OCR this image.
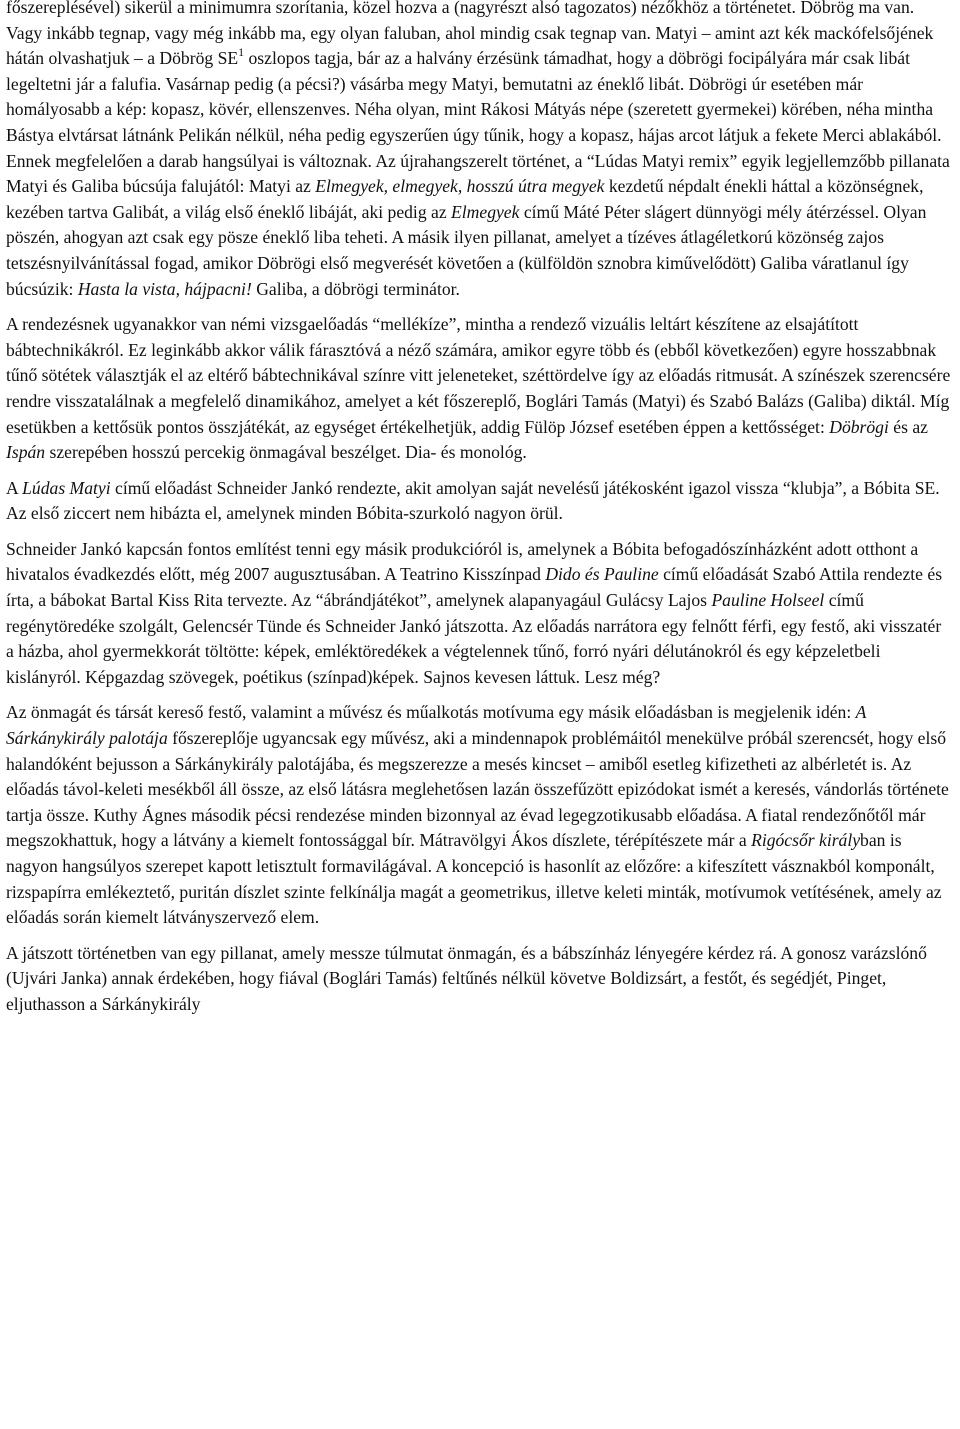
főszereplésével) sikerül a minimumra szorítania, közel hozva a (nagyrészt alsó tagozatos) nézőkhöz a történetet. Döbrög ma van. Vagy inkább tegnap, vagy még inkább ma, egy olyan faluban, ahol mindig csak tegnap van. Matyi – amint azt kék mackófelsőjének hátán olvashatjuk – a Döbrög $SE^1$ oszlopos tagja, bár az a halvány érzésünk támadhat, hogy a döbrögi focipályára már csak libát legeltetni jár a falufia. Vasárnap pedig (a pécsi?) vásárba megy Matyi, bemutatni az éneklő libát. Döbrögi úr esetében már homályosabb a kép: kopasz, kövér, ellenszenves. Néha olyan, mint Rákosi Mátyás népe (szeretett gyermekei) körében, néha mintha Bástya elvtársat látnánk Pelikán nélkül, néha pedig egyszerűen úgy tűnik, hogy a kopasz, hájas arcot látjuk a fekete Merci ablakából. Ennek megfelelően a darab hangsúlyai is változnak. Az újrahangszerelt történet, a “Lúdas Matyi remix” egyik legjellemzőbb pillanata Matyi és Galiba búcsúja falujától: Matyi az Elmegyek, elmegyek, hosszú útra megyek kezdetű népdalt énekli háttal a közönségnek, kezében tartva Galibát, a világ első éneklő libáját, aki pedig az Elmegyek című Máté Péter slágert dünnyögi mély átérzéssel. Olyan pöszén, ahogyan azt csak egy pösze éneklő liba teheti. A másik ilyen pillanat, amelyet a tízéves átlagéletkorú közönség zajos tetszésnyilvánítással fogad, amikor Döbrögi első megverését követően a (külföldön sznobra kiművelődött) Galiba váratlanul így búcsúzik: Hasta la vista, hájpacni! Galiba, a döbrögi terminátor.

A rendezésnek ugyanakkor van némi vizsgaelőadás “mellékíze”, mintha a rendező vizuális leltárt készítene az elsajátított bábtechnikákról. Ez leginkább akkor válik fárasztóvá a néző számára, amikor egyre több és (ebből következően) egyre hosszabbnak tűnő sötétek választják el az eltérő bábtechnikával színre vitt jeleneteket, széttördelve így az előadás ritmusát. A színészek szerencsére rendre visszatalálnak a megfelelő dinamikához, amelyet a két főszereplő, Boglári Tamás (Matyi) és Szabó Balázs (Galiba) diktál. Míg esetükben a kettősük pontos összjátékát, az egységet értékelhetjük, addig Fülöp József esetében éppen a kettősséget: Döbrögi és az Ispán szerepében hosszú percekig önmagával beszélget. Dia- és monológ.

A Lúdas Matyi című előadást Schneider Jankó rendezte, akit amolyan saját nevelésű játékosként igazol vissza “klubja”, a Bóbita SE. Az első ziccert nem hibázta el, amelynek minden Bóbita-szurkoló nagyon örül.

Schneider Jankó kapcsán fontos említést tenni egy másik produkcióról is, amelynek a Bóbita befogadószínházként adott otthont a hivatalos évadkezdés előtt, még 2007 augusztusában. A Teatrino Kisszínpad Dido és Pauline című előadását Szabó Attila rendezte és írta, a bábokat Bartal Kiss Rita tervezte. Az “ábrándjátékot”, amelynek alapanyagául Gulácsy Lajos Pauline Holseel című regénytöredéke szolgált, Gelencsér Tünde és Schneider Jankó játszotta. Az előadás narrátora egy felnőtt férfi, egy festő, aki visszatér a házba, ahol gyermekkorát töltötte: képek, emléktöredékek a végtelennek tűnő, forró nyári délutánokról és egy képzeletbeli kislányról. Képgazdag szövegek, poétikus (színpad)képek. Sajnos kevesen láttuk. Lesz még?

Az önmagát és társát kereső festő, valamint a művész és műalkotás motívuma egy másik előadásban is megjelenik idén: A Sárkánykirály palotája főszereplője ugyancsak egy művész, aki a mindennapok problémáitól menekülve próbál szerencsét, hogy első halandóként bejusson a Sárkánykirály palotájába, és megszerezze a mesés kincset – amiből esetleg kifizetheti az albérletét is. Az előadás távol-keleti mesékből áll össze, az első látásra meglehetősen lazán összefűzött epizódokat ismét a keresés, vándorlás története tartja össze. Kuthy Ágnes második pécsi rendezése minden bizonnyal az évad legegzotikusabb előadása. A fiatal rendezőnőtől már megszokhattuk, hogy a látvány a kiemelt fontossággal bír. Mátravölgyi Ákos díszlete, térépítészete már a Rigócsőr királyban is nagyon hangsúlyos szerepet kapott letisztult formavilágával. A koncepció is hasonlít az előzőre: a kifeszített vásznakból komponált, rizspapírra emlékeztető, puritán díszlet szinte felkínálja magát a geometrikus, illetve keleti minták, motívumok vetítésének, amely az előadás során kiemelt látványszervező elem.

A játszott történetben van egy pillanat, amely messze túlmutat önmagán, és a bábszínház lényegére kérdez rá. A gonosz varázslónő (Ujvári Janka) annak érdekében, hogy fiával (Boglári Tamás) feltűnés nélkül követve Boldizsárt, a festőt, és segédjét, Pinget, eljuthasson a Sárkánykirály
